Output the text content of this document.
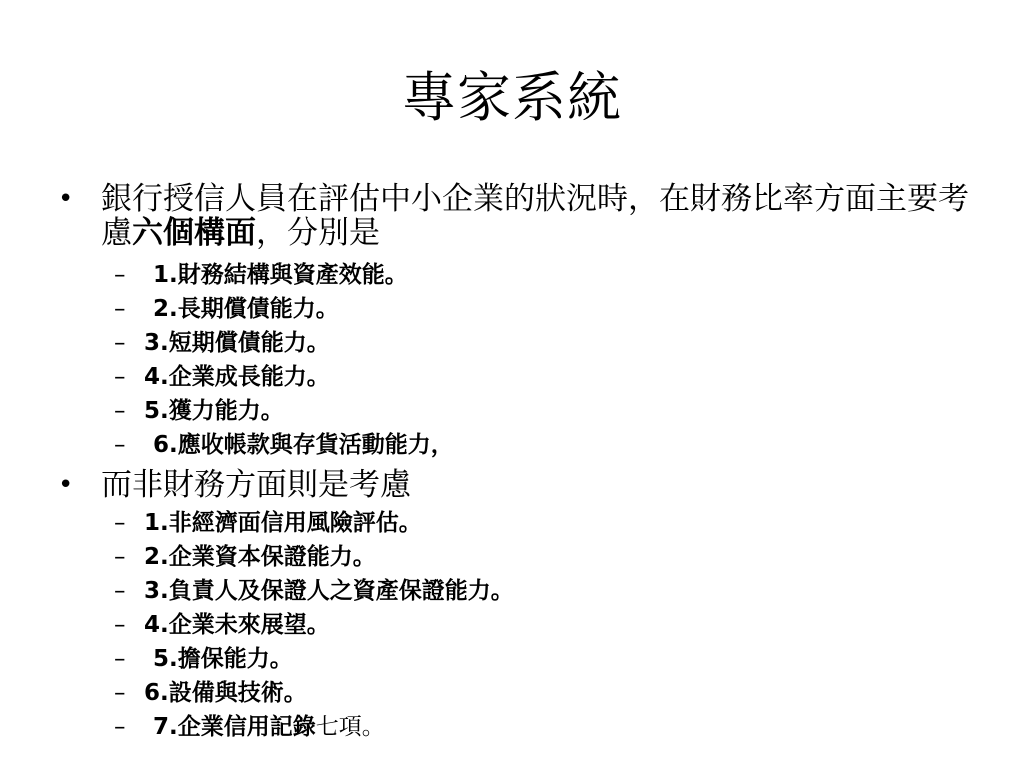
專家系統
• 銀行授信人員在評估中小企業的狀況時，在財務比率方面主要考慮六個構面，分別是
– 1.財務結構與資產效能。
– 2.長期償債能力。
– 3.短期償債能力。
– 4.企業成長能力。
– 5.獲力能力。
– 6.應收帳款與存貨活動能力，
• 而非財務方面則是考慮
– 1.非經濟面信用風險評估。
– 2.企業資本保證能力。
– 3.負責人及保證人之資產保證能力。
– 4.企業未來展望。
– 5.擔保能力。
– 6.設備與技術。
– 7.企業信用記錄七項。
